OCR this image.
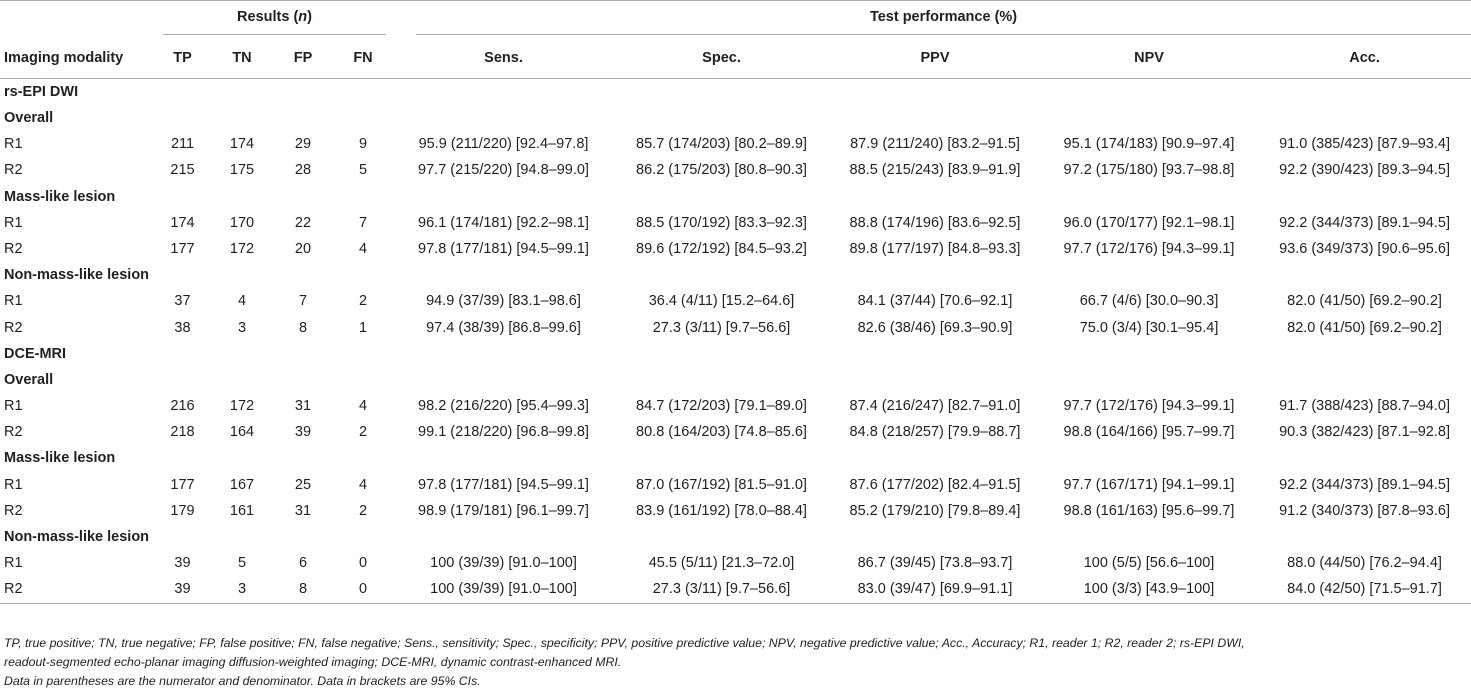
	Results (n)				Test performance (%)				

Imaging modality	TP	TN	FP	FN	Sens.	Spec.	PPV	NPV	Acc.
rs-EPI DWI									
Overall									
R1	211	174	29	9	95.9 (211/220) [92.4–97.8]	85.7 (174/203) [80.2–89.9]	87.9 (211/240) [83.2–91.5]	95.1 (174/183) [90.9–97.4]	91.0 (385/423) [87.9–93.4]
R2	215	175	28	5	97.7 (215/220) [94.8–99.0]	86.2 (175/203) [80.8–90.3]	88.5 (215/243) [83.9–91.9]	97.2 (175/180) [93.7–98.8]	92.2 (390/423) [89.3–94.5]
Mass-like lesion									
R1	174	170	22	7	96.1 (174/181) [92.2–98.1]	88.5 (170/192) [83.3–92.3]	88.8 (174/196) [83.6–92.5]	96.0 (170/177) [92.1–98.1]	92.2 (344/373) [89.1–94.5]
R2	177	172	20	4	97.8 (177/181) [94.5–99.1]	89.6 (172/192) [84.5–93.2]	89.8 (177/197) [84.8–93.3]	97.7 (172/176) [94.3–99.1]	93.6 (349/373) [90.6–95.6]
Non-mass-like lesion									
R1	37	4	7	2	94.9 (37/39) [83.1–98.6]	36.4 (4/11) [15.2–64.6]	84.1 (37/44) [70.6–92.1]	66.7 (4/6) [30.0–90.3]	82.0 (41/50) [69.2–90.2]
R2	38	3	8	1	97.4 (38/39) [86.8–99.6]	27.3 (3/11) [9.7–56.6]	82.6 (38/46) [69.3–90.9]	75.0 (3/4) [30.1–95.4]	82.0 (41/50) [69.2–90.2]
DCE-MRI									
Overall									
R1	216	172	31	4	98.2 (216/220) [95.4–99.3]	84.7 (172/203) [79.1–89.0]	87.4 (216/247) [82.7–91.0]	97.7 (172/176) [94.3–99.1]	91.7 (388/423) [88.7–94.0]
R2	218	164	39	2	99.1 (218/220) [96.8–99.8]	80.8 (164/203) [74.8–85.6]	84.8 (218/257) [79.9–88.7]	98.8 (164/166) [95.7–99.7]	90.3 (382/423) [87.1–92.8]
Mass-like lesion									
R1	177	167	25	4	97.8 (177/181) [94.5–99.1]	87.0 (167/192) [81.5–91.0]	87.6 (177/202) [82.4–91.5]	97.7 (167/171) [94.1–99.1]	92.2 (344/373) [89.1–94.5]
R2	179	161	31	2	98.9 (179/181) [96.1–99.7]	83.9 (161/192) [78.0–88.4]	85.2 (179/210) [79.8–89.4]	98.8 (161/163) [95.6–99.7]	91.2 (340/373) [87.8–93.6]
Non-mass-like lesion									
R1	39	5	6	0	100 (39/39) [91.0–100]	45.5 (5/11) [21.3–72.0]	86.7 (39/45) [73.8–93.7]	100 (5/5) [56.6–100]	88.0 (44/50) [76.2–94.4]
R2	39	3	8	0	100 (39/39) [91.0–100]	27.3 (3/11) [9.7–56.6]	83.0 (39/47) [69.9–91.1]	100 (3/3) [43.9–100]	84.0 (42/50) [71.5–91.7]

TP, true positive; TN, true negative; FP, false positive; FN, false negative; Sens., sensitivity; Spec., specificity; PPV, positive predictive value; NPV, negative predictive value; Acc., Accuracy; R1, reader 1; R2, reader 2; rs-EPI DWI,

readout-segmented echo-planar imaging diffusion-weighted imaging; DCE-MRI, dynamic contrast-enhanced MRI.

Data in parentheses are the numerator and denominator. Data in brackets are 95% CIs.
